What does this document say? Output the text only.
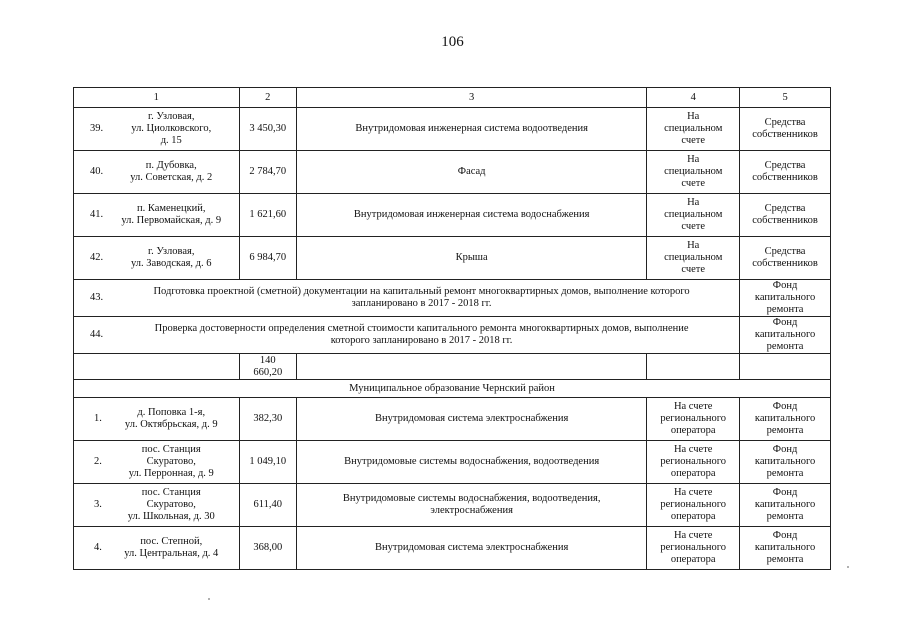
106
1	2	3	4	5

39.
г. Узловая,
ул. Циолковского,
д. 15	3 450,30	Внутридомовая инженерная система водоотведения	На
специальном
счете	Средства
собственников

40.
п. Дубовка,
ул. Советская, д. 2	2 784,70	Фасад	На
специальном
счете	Средства
собственников

41.
п. Каменецкий,
ул. Первомайская, д. 9	1 621,60	Внутридомовая инженерная система водоснабжения	На
специальном
счете	Средства
собственников

42.
г. Узловая,
ул. Заводская, д. 6	6 984,70	Крыша	На
специальном
счете	Средства
собственников

43.
Подготовка проектной (сметной) документации на капитальный ремонт многоквартирных домов, выполнение которого
запланировано в 2017 - 2018 гг.				Фонд
капитального
ремонта

44.
Проверка достоверности определения сметной стоимости капитального ремонта многоквартирных домов, выполнение
которого запланировано в 2017 - 2018 гг.				Фонд
капитального
ремонта
	140
660,20			
Муниципальное образование Чернский район				

1.
д. Поповка 1-я,
ул. Октябрьская, д. 9	382,30	Внутридомовая система электроснабжения	На счете
регионального
оператора	Фонд
капитального
ремонта

2.
пос. Станция
Скуратово,
ул. Перронная, д. 9	1 049,10	Внутридомовые системы водоснабжения, водоотведения	На счете
регионального
оператора	Фонд
капитального
ремонта

3.
пос. Станция
Скуратово,
ул. Школьная, д. 30	611,40	Внутридомовые системы водоснабжения, водоотведения,
электроснабжения	На счете
регионального
оператора	Фонд
капитального
ремонта

4.
пос. Степной,
ул. Центральная, д. 4	368,00	Внутридомовая система электроснабжения	На счете
регионального
оператора	Фонд
капитального
ремонта
